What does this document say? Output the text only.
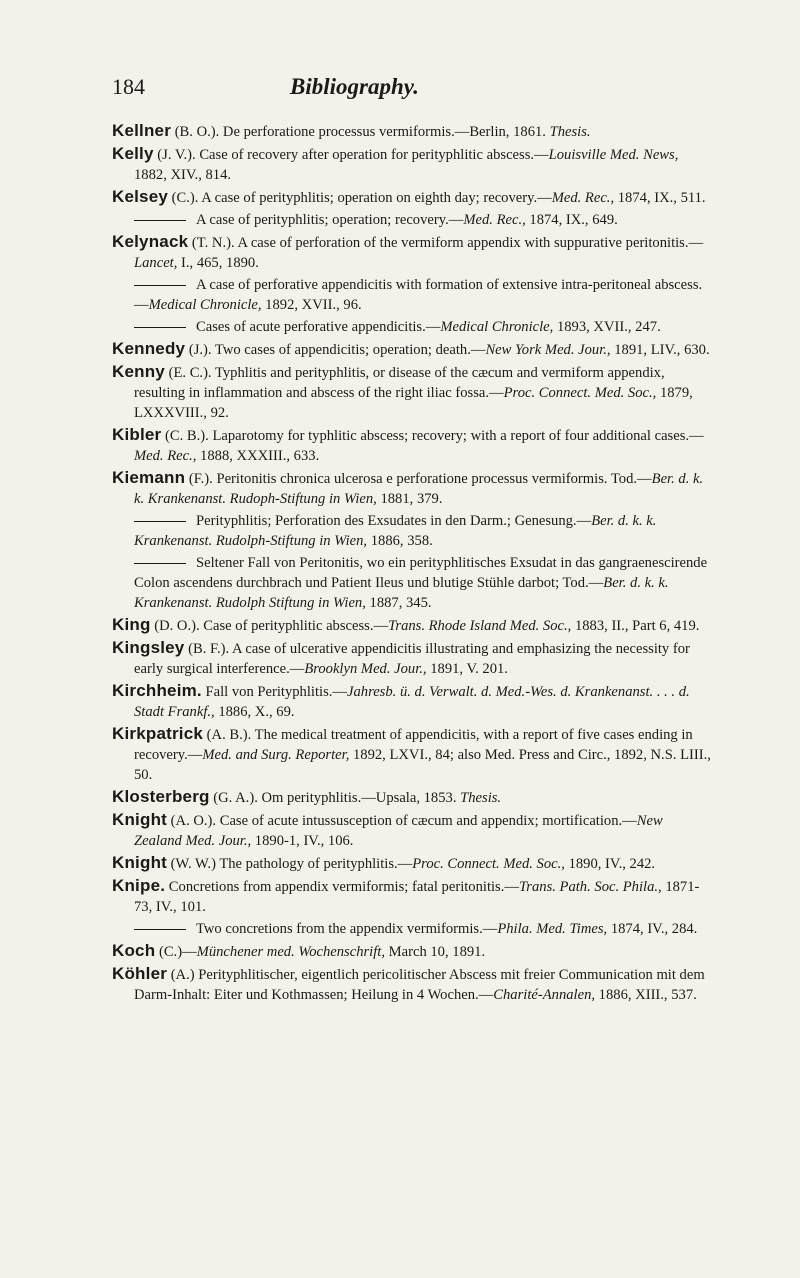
184	Bibliography.
Kellner (B. O.). De perforatione processus vermiformis.—Berlin, 1861. Thesis.
Kelly (J. V.). Case of recovery after operation for perityphlitic abscess.—Louisville Med. News, 1882, XIV., 814.
Kelsey (C.). A case of perityphlitis; operation on eighth day; recovery.—Med. Rec., 1874, IX., 511.
A case of perityphlitis; operation; recovery.—Med. Rec., 1874, IX., 649.
Kelynack (T. N.). A case of perforation of the vermiform appendix with suppurative peritonitis.—Lancet, I., 465, 1890.
A case of perforative appendicitis with formation of extensive intra-peritoneal abscess.—Medical Chronicle, 1892, XVII., 96.
Cases of acute perforative appendicitis.—Medical Chronicle, 1893, XVII., 247.
Kennedy (J.). Two cases of appendicitis; operation; death.—New York Med. Jour., 1891, LIV., 630.
Kenny (E. C.). Typhlitis and perityphlitis, or disease of the cæcum and vermiform appendix, resulting in inflammation and abscess of the right iliac fossa.—Proc. Connect. Med. Soc., 1879, LXXXVIII., 92.
Kibler (C. B.). Laparotomy for typhlitic abscess; recovery; with a report of four additional cases.—Med. Rec., 1888, XXXIII., 633.
Kiemann (F.). Peritonitis chronica ulcerosa e perforatione processus vermiformis. Tod.—Ber. d. k. k. Krankenanst. Rudoph-Stiftung in Wien, 1881, 379.
Perityphlitis; Perforation des Exsudates in den Darm.; Genesung.—Ber. d. k. k. Krankenanst. Rudolph-Stiftung in Wien, 1886, 358.
Seltener Fall von Peritonitis, wo ein perityphlitisches Exsudat in das gangraenescirende Colon ascendens durchbrach und Patient Ileus und blutige Stühle darbot; Tod.—Ber. d. k. k. Krankenanst. Rudolph Stiftung in Wien, 1887, 345.
King (D. O.). Case of perityphlitic abscess.—Trans. Rhode Island Med. Soc., 1883, II., Part 6, 419.
Kingsley (B. F.). A case of ulcerative appendicitis illustrating and emphasizing the necessity for early surgical interference.—Brooklyn Med. Jour., 1891, V. 201.
Kirchheim. Fall von Perityphlitis.—Jahresb. ü. d. Verwalt. d. Med.-Wes. d. Krankenanst. . . . d. Stadt Frankf., 1886, X., 69.
Kirkpatrick (A. B.). The medical treatment of appendicitis, with a report of five cases ending in recovery.—Med. and Surg. Reporter, 1892, LXVI., 84; also Med. Press and Circ., 1892, N.S. LIII., 50.
Klosterberg (G. A.). Om perityphlitis.—Upsala, 1853. Thesis.
Knight (A. O.). Case of acute intussusception of cæcum and appendix; mortification.—New Zealand Med. Jour., 1890-1, IV., 106.
Knight (W. W.) The pathology of perityphlitis.—Proc. Connect. Med. Soc., 1890, IV., 242.
Knipe. Concretions from appendix vermiformis; fatal peritonitis.—Trans. Path. Soc. Phila., 1871-73, IV., 101.
Two concretions from the appendix vermiformis.—Phila. Med. Times, 1874, IV., 284.
Koch (C.)—Münchener med. Wochenschrift, March 10, 1891.
Köhler (A.) Perityphlitischer, eigentlich pericolitischer Abscess mit freier Communication mit dem Darm-Inhalt: Eiter und Kothmassen; Heilung in 4 Wochen.—Charité-Annalen, 1886, XIII., 537.
